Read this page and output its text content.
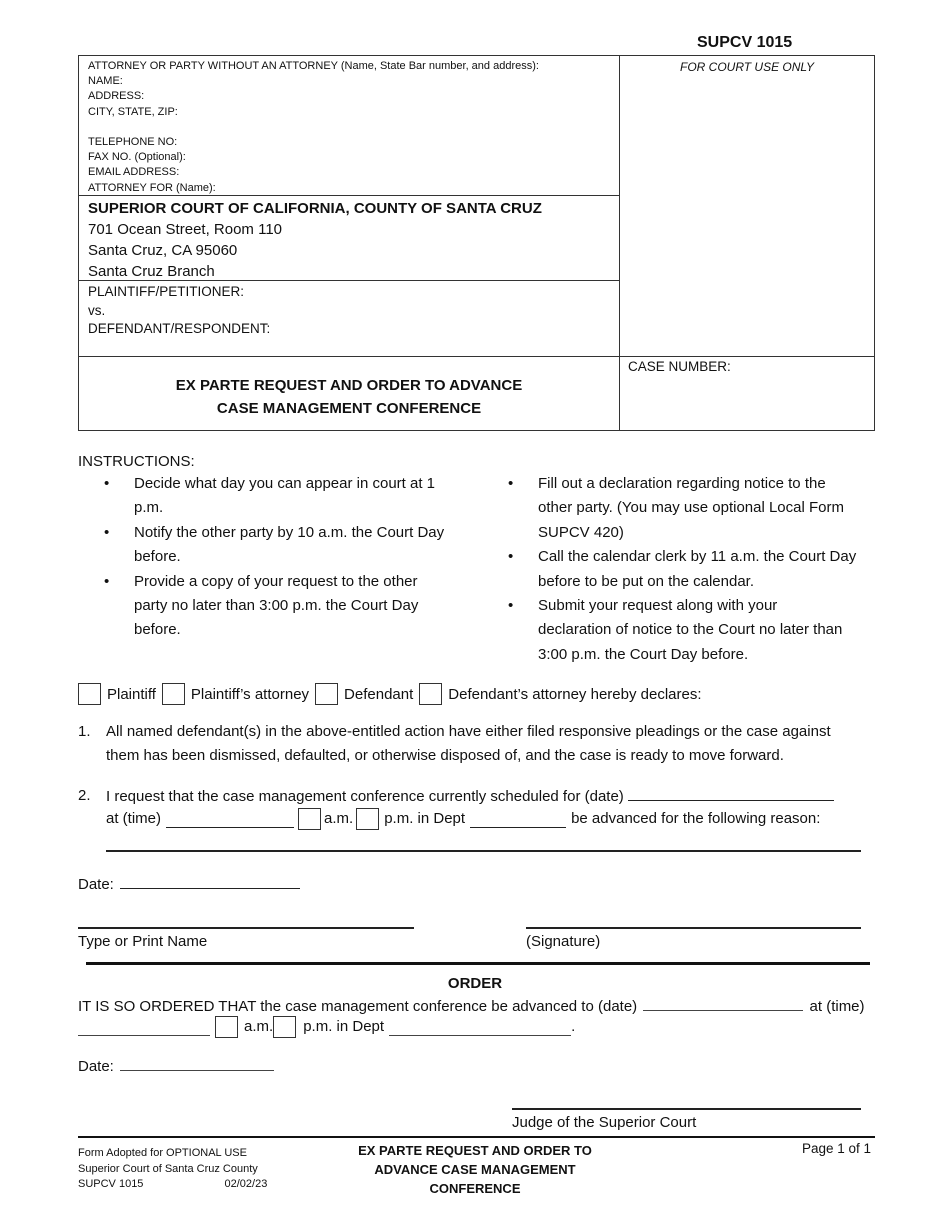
SUPCV 1015
ATTORNEY OR PARTY WITHOUT AN ATTORNEY (Name, State Bar number, and address):
NAME:
ADDRESS:
CITY, STATE, ZIP:
TELEPHONE NO:
FAX NO. (Optional):
EMAIL ADDRESS:
ATTORNEY FOR (Name):
FOR COURT USE ONLY
SUPERIOR COURT OF CALIFORNIA, COUNTY OF SANTA CRUZ
701 Ocean Street, Room 110
Santa Cruz, CA 95060
Santa Cruz Branch
PLAINTIFF/PETITIONER:
vs.
DEFENDANT/RESPONDENT:
CASE NUMBER:
EX PARTE REQUEST AND ORDER TO ADVANCE
CASE MANAGEMENT CONFERENCE
INSTRUCTIONS:
• Decide what day you can appear in court at 1
p.m.
• Notify the other party by 10 a.m. the Court Day
before.
• Provide a copy of your request to the other
party no later than 3:00 p.m. the Court Day
before.
• Fill out a declaration regarding notice to the
other party. (You may use optional Local Form
SUPCV 420)
• Call the calendar clerk by 11 a.m. the Court Day
before to be put on the calendar.
• Submit your request along with your
declaration of notice to the Court no later than
3:00 p.m. the Court Day before.
Plaintiff Plaintiff’s attorney Defendant Defendant’s attorney hereby declares:
1. All named defendant(s) in the above-entitled action have either filed responsive pleadings or the case against
them has been dismissed, defaulted, or otherwise disposed of, and the case is ready to move forward.
2. I request that the case management conference currently scheduled for (date)
at (time)	a.m. p.m. in Dept	be advanced for the following reason:
Date:
Type or Print Name	(Signature)
ORDER
IT IS SO ORDERED THAT the case management conference be advanced to (date)	at (time)
a.m. p.m. in Dept	.
Date:
Judge of the Superior Court
Form Adopted for OPTIONAL USE
Superior Court of Santa Cruz County
SUPCV 1015	02/02/23
EX PARTE REQUEST AND ORDER TO
ADVANCE CASE MANAGEMENT
CONFERENCE
Page 1 of 1
